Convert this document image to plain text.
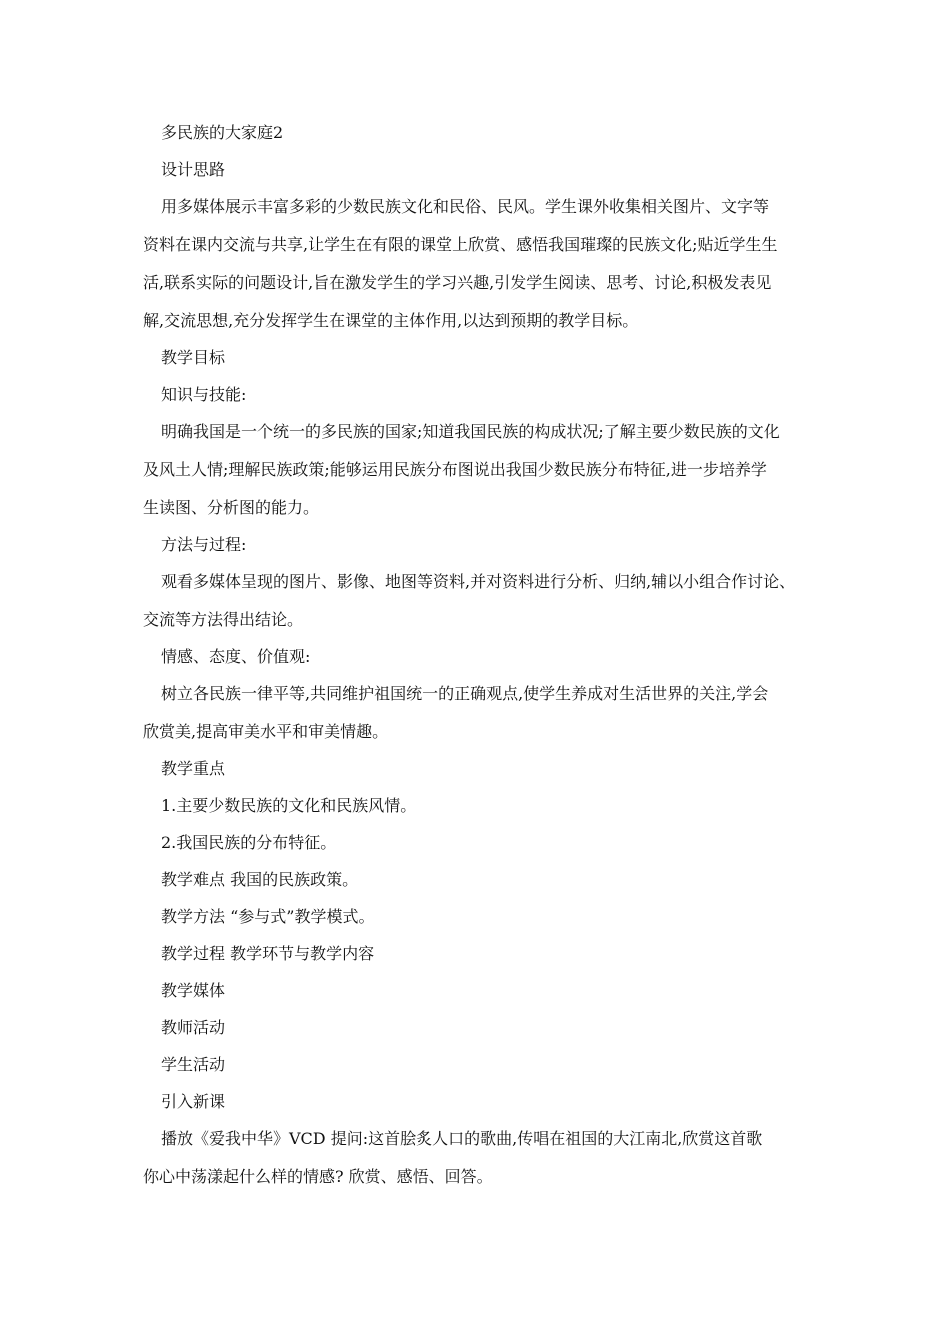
多民族的大家庭2
设计思路
用多媒体展示丰富多彩的少数民族文化和民俗、民风。学生课外收集相关图片、文字等
资料在课内交流与共享,让学生在有限的课堂上欣赏、感悟我国璀璨的民族文化;贴近学生生
活,联系实际的问题设计,旨在激发学生的学习兴趣,引发学生阅读、思考、讨论,积极发表见
解,交流思想,充分发挥学生在课堂的主体作用,以达到预期的教学目标。
教学目标
知识与技能:
明确我国是一个统一的多民族的国家;知道我国民族的构成状况;了解主要少数民族的文化
及风土人情;理解民族政策;能够运用民族分布图说出我国少数民族分布特征,进一步培养学
生读图、分析图的能力。
方法与过程:
观看多媒体呈现的图片、影像、地图等资料,并对资料进行分析、归纳,辅以小组合作讨论、
交流等方法得出结论。
情感、态度、价值观:
树立各民族一律平等,共同维护祖国统一的正确观点,使学生养成对生活世界的关注,学会
欣赏美,提高审美水平和审美情趣。
教学重点
1.主要少数民族的文化和民族风情。
2.我国民族的分布特征。
教学难点 我国的民族政策。
教学方法 “参与式”教学模式。
教学过程 教学环节与教学内容
教学媒体
教师活动
学生活动
引入新课
播放《爱我中华》VCD 提问:这首脍炙人口的歌曲,传唱在祖国的大江南北,欣赏这首歌
你心中荡漾起什么样的情感? 欣赏、感悟、回答。
